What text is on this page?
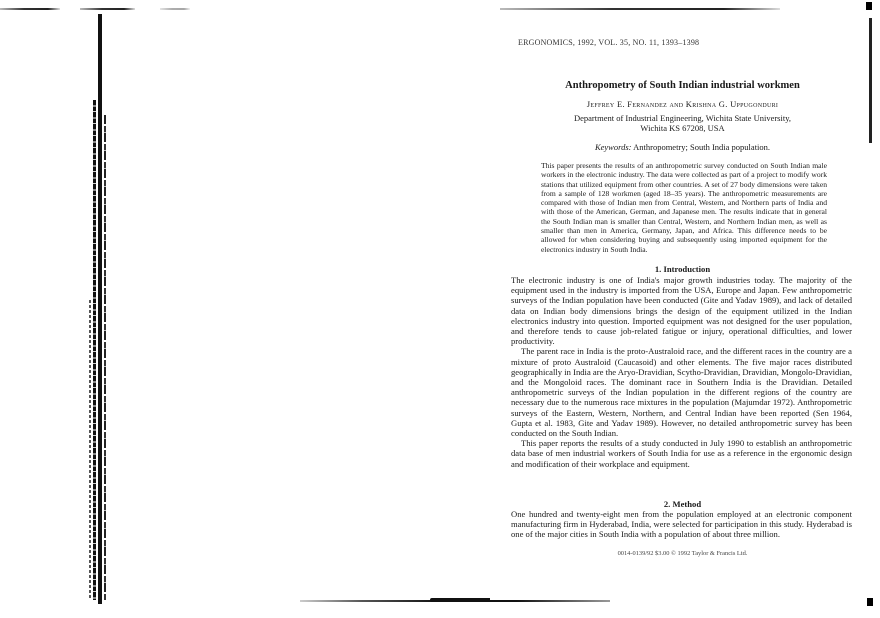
ERGONOMICS, 1992, VOL. 35, NO. 11, 1393–1398
Anthropometry of South Indian industrial workmen
Jeffrey E. Fernandez and Krishna G. Uppugonduri
Department of Industrial Engineering, Wichita State University,
Wichita KS 67208, USA
Keywords: Anthropometry; South India population.
This paper presents the results of an anthropometric survey conducted on South Indian male workers in the electronic industry. The data were collected as part of a project to modify work stations that utilized equipment from other countries. A set of 27 body dimensions were taken from a sample of 128 workmen (aged 18–35 years). The anthropometric measurements are compared with those of Indian men from Central, Western, and Northern parts of India and with those of the American, German, and Japanese men. The results indicate that in general the South Indian man is smaller than Central, Western, and Northern Indian men, as well as smaller than men in America, Germany, Japan, and Africa. This difference needs to be allowed for when considering buying and subsequently using imported equipment for the electronics industry in South India.
1. Introduction

The electronic industry is one of India's major growth industries today. The majority of the equipment used in the industry is imported from the USA, Europe and Japan. Few anthropometric surveys of the Indian population have been conducted (Gite and Yadav 1989), and lack of detailed data on Indian body dimensions brings the design of the equipment utilized in the Indian electronics industry into question. Imported equipment was not designed for the user population, and therefore tends to cause job-related fatigue or injury, operational difficulties, and lower productivity.

The parent race in India is the proto-Australoid race, and the different races in the country are a mixture of proto Australoid (Caucasoid) and other elements. The five major races distributed geographically in India are the Aryo-Dravidian, Scytho-Dravidian, Dravidian, Mongolo-Dravidian, and the Mongoloid races. The dominant race in Southern India is the Dravidian. Detailed anthropometric surveys of the Indian population in the different regions of the country are necessary due to the numerous race mixtures in the population (Majumdar 1972). Anthropometric surveys of the Eastern, Western, Northern, and Central Indian have been reported (Sen 1964, Gupta et al. 1983, Gite and Yadav 1989). However, no detailed anthropometric survey has been conducted on the South Indian.

This paper reports the results of a study conducted in July 1990 to establish an anthropometric data base of men industrial workers of South India for use as a reference in the ergonomic design and modification of their workplace and equipment.

2. Method

One hundred and twenty-eight men from the population employed at an electronic component manufacturing firm in Hyderabad, India, were selected for participation in this study. Hyderabad is one of the major cities in South India with a population of about three million.

0014-0139/92 $3.00 © 1992 Taylor & Francis Ltd.
